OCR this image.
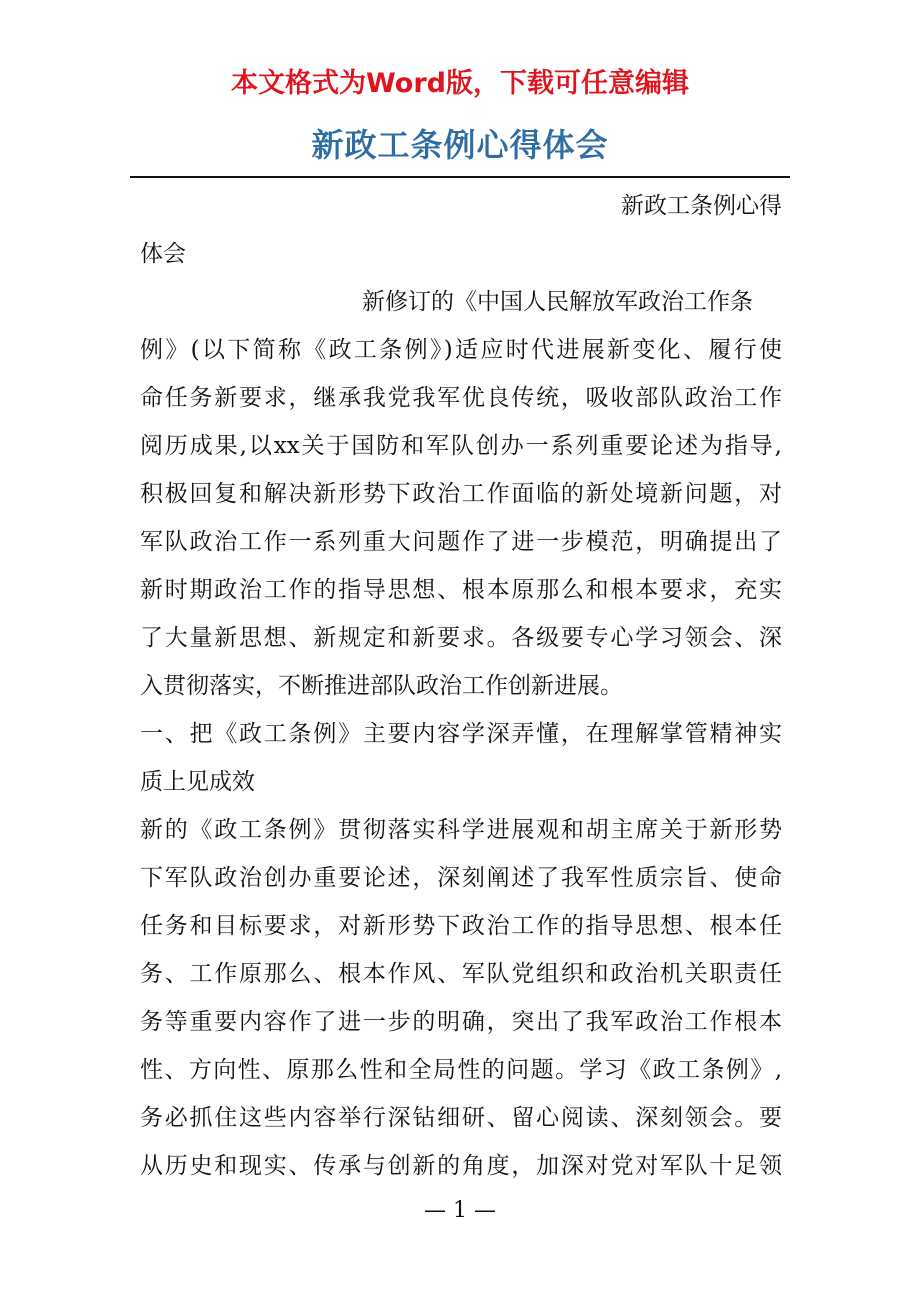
本文格式为Word版，下载可任意编辑

新政工条例心得体会
新政工条例心得
体会
新修订的《中国人民解放军政治工作条
例》(以下简称《政工条例》)适应时代进展新变化、履行使
命任务新要求，继承我党我军优良传统，吸收部队政治工作
阅历成果,以xx关于国防和军队创办一系列重要论述为指导,
积极回复和解决新形势下政治工作面临的新处境新问题，对
军队政治工作一系列重大问题作了进一步模范，明确提出了
新时期政治工作的指导思想、根本原那么和根本要求，充实
了大量新思想、新规定和新要求。各级要专心学习领会、深
入贯彻落实，不断推进部队政治工作创新进展。
一、把《政工条例》主要内容学深弄懂，在理解掌管精神实
质上见成效
新的《政工条例》贯彻落实科学进展观和胡主席关于新形势
下军队政治创办重要论述，深刻阐述了我军性质宗旨、使命
任务和目标要求，对新形势下政治工作的指导思想、根本任
务、工作原那么、根本作风、军队党组织和政治机关职责任
务等重要内容作了进一步的明确，突出了我军政治工作根本
性、方向性、原那么性和全局性的问题。学习《政工条例》,
务必抓住这些内容举行深钻细研、留心阅读、深刻领会。要
从历史和现实、传承与创新的角度，加深对党对军队十足领

— 1 —
